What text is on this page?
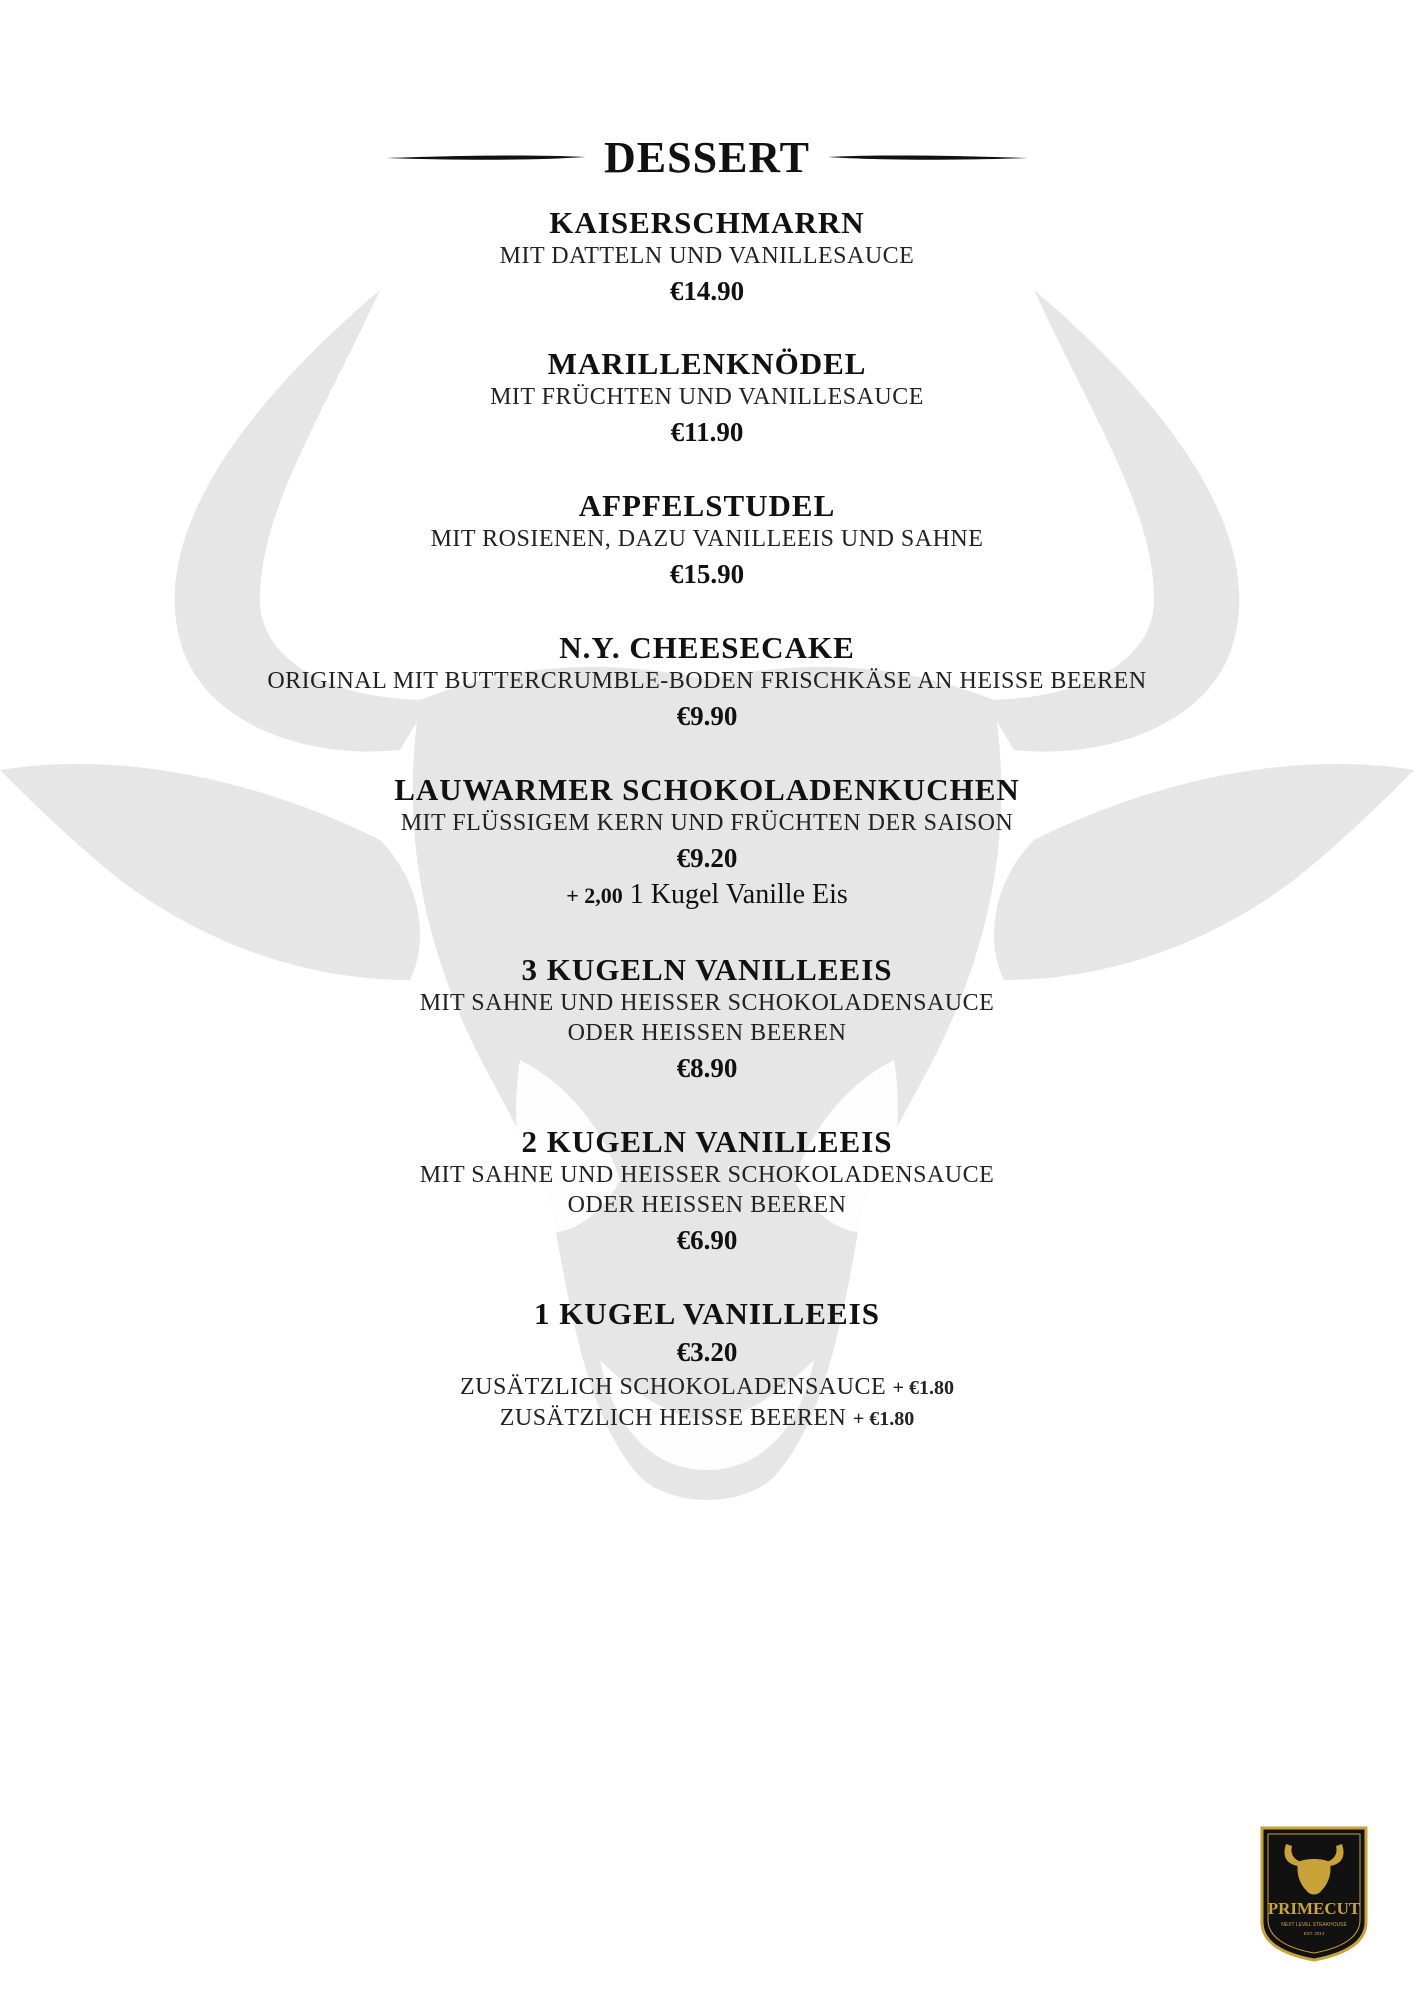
DESSERT
KAISERSCHMARRN
MIT DATTELN UND VANILLESAUCE
€14.90
MARILLENKNÖDEL
MIT FRÜCHTEN UND VANILLESAUCE
€11.90
AFPFELSTUDEL
MIT ROSIENEN, DAZU VANILLEEIS UND SAHNE
€15.90
N.Y. CHEESECAKE
ORIGINAL MIT BUTTERCRUMBLE-BODEN FRISCHKÄSE AN HEISSE BEEREN
€9.90
LAUWARMER SCHOKOLADENKUCHEN
MIT FLÜSSIGEM KERN UND FRÜCHTEN DER SAISON
€9.20
+ 2,00 1 Kugel Vanille Eis
3 KUGELN VANILLEEIS
MIT SAHNE UND HEISSER SCHOKOLADENSAUCE
ODER HEISSEN BEEREN
€8.90
2 KUGELN VANILLEEIS
MIT SAHNE UND HEISSER SCHOKOLADENSAUCE
ODER HEISSEN BEEREN
€6.90
1 KUGEL VANILLEEIS
€3.20
ZUSÄTZLICH SCHOKOLADENSAUCE + €1.80
ZUSÄTZLICH HEISSE BEEREN + €1.80
PRIMECUT
NEXT LEVEL STEAKHOUSE
EST. 2014
